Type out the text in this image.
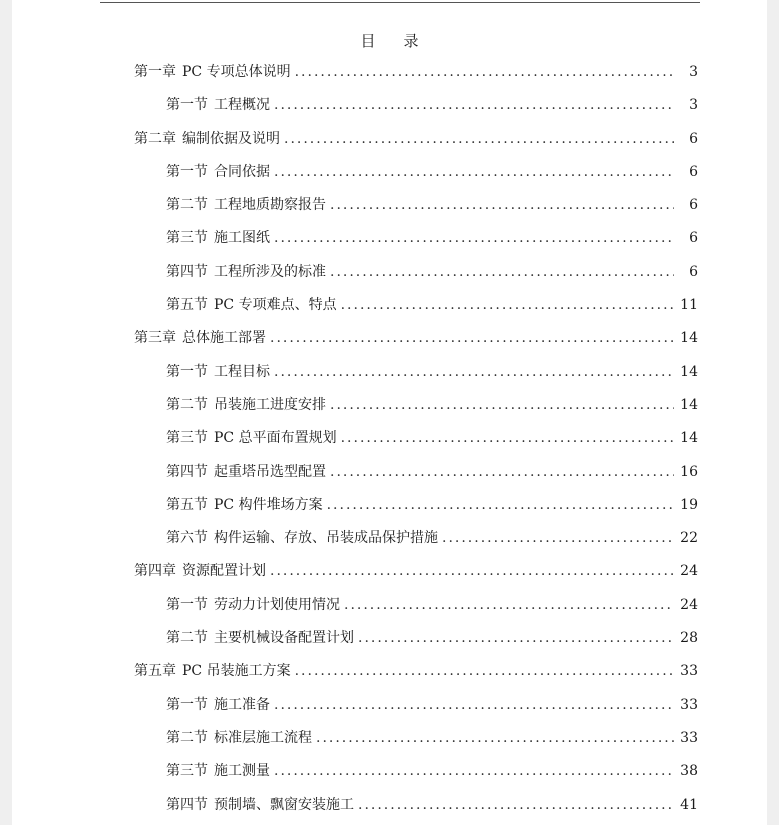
目录
第一章 PC 专项总体说明 .....	3
第一节 工程概况 .....	3
第二章 编制依据及说明 .....	6
第一节 合同依据 .....	6
第二节 工程地质勘察报告 .....	6
第三节 施工图纸 .....	6
第四节 工程所涉及的标准 .....	6
第五节 PC 专项难点、特点 .....	11
第三章 总体施工部署 .....	14
第一节 工程目标 .....	14
第二节 吊装施工进度安排 .....	14
第三节 PC 总平面布置规划 .....	14
第四节 起重塔吊选型配置 .....	16
第五节 PC 构件堆场方案 .....	19
第六节 构件运输、存放、吊装成品保护措施 .....	22
第四章 资源配置计划 .....	24
第一节 劳动力计划使用情况 .....	24
第二节 主要机械设备配置计划 .....	28
第五章 PC 吊装施工方案 .....	33
第一节 施工准备 .....	33
第二节 标准层施工流程 .....	33
第三节 施工测量 .....	38
第四节 预制墙、飘窗安装施工 .....	41
